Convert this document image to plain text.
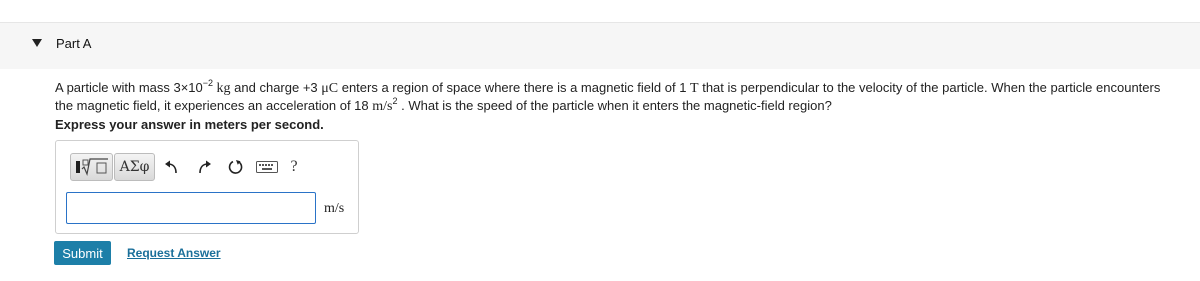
Part A
A particle with mass $3\times 10^{-2}$ kg and charge +3 μC enters a region of space where there is a magnetic field of 1 T that is perpendicular to the velocity of the particle. When the particle encounters the magnetic field, it experiences an acceleration of 18 $m/s^2$ . What is the speed of the particle when it enters the magnetic-field region?
Express your answer in meters per second.
ΑΣφ	?
m/s
Submit	Request Answer
